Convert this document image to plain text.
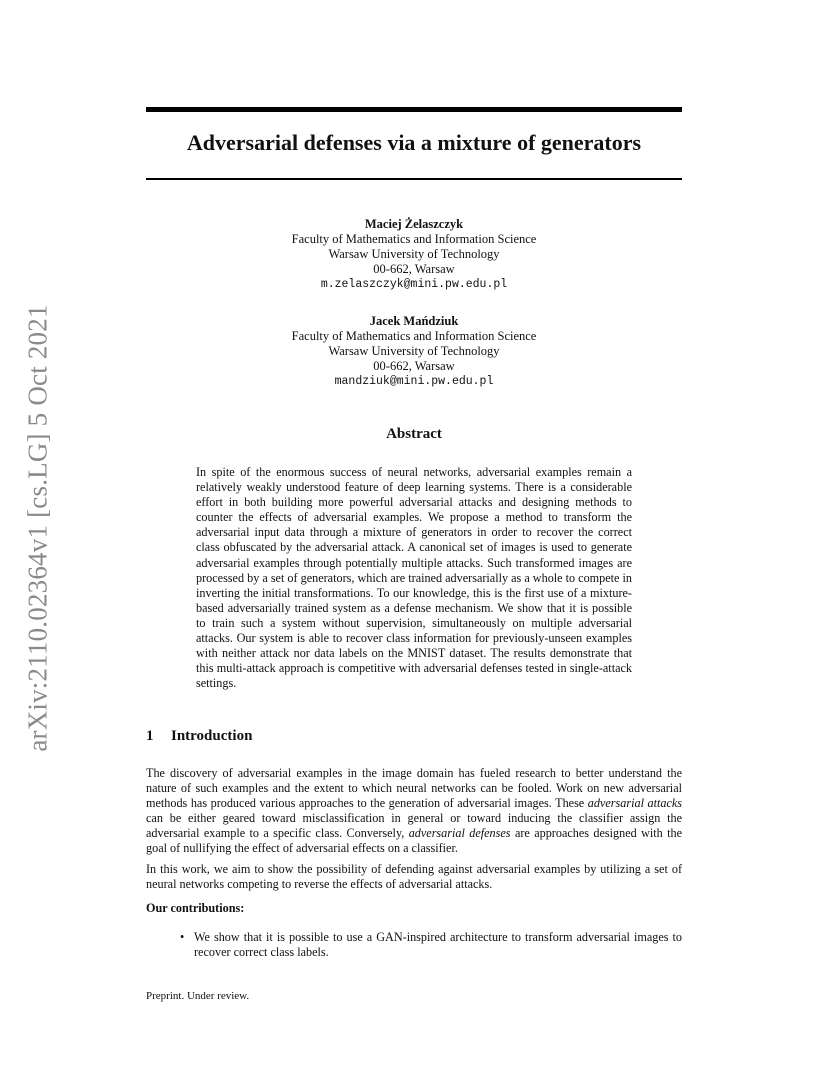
arXiv:2110.02364v1 [cs.LG] 5 Oct 2021
Adversarial defenses via a mixture of generators
Maciej Żelaszczyk
Faculty of Mathematics and Information Science
Warsaw University of Technology
00-662, Warsaw
m.zelaszczyk@mini.pw.edu.pl
Jacek Mańdziuk
Faculty of Mathematics and Information Science
Warsaw University of Technology
00-662, Warsaw
mandziuk@mini.pw.edu.pl
Abstract

In spite of the enormous success of neural networks, adversarial examples remain a relatively weakly understood feature of deep learning systems. There is a considerable effort in both building more powerful adversarial attacks and designing methods to counter the effects of adversarial examples. We propose a method to transform the adversarial input data through a mixture of generators in order to recover the correct class obfuscated by the adversarial attack. A canonical set of images is used to generate adversarial examples through potentially multiple attacks. Such transformed images are processed by a set of generators, which are trained adversarially as a whole to compete in inverting the initial transformations. To our knowledge, this is the first use of a mixture-based adversarially trained system as a defense mechanism. We show that it is possible to train such a system without supervision, simultaneously on multiple adversarial attacks. Our system is able to recover class information for previously-unseen examples with neither attack nor data labels on the MNIST dataset. The results demonstrate that this multi-attack approach is competitive with adversarial defenses tested in single-attack settings.

1 Introduction

The discovery of adversarial examples in the image domain has fueled research to better understand the nature of such examples and the extent to which neural networks can be fooled. Work on new adversarial methods has produced various approaches to the generation of adversarial images. These adversarial attacks can be either geared toward misclassification in general or toward inducing the classifier assign the adversarial example to a specific class. Conversely, adversarial defenses are approaches designed with the goal of nullifying the effect of adversarial effects on a classifier.

In this work, we aim to show the possibility of defending against adversarial examples by utilizing a set of neural networks competing to reverse the effects of adversarial attacks.

Our contributions:
• We show that it is possible to use a GAN-inspired architecture to transform adversarial images to recover correct class labels.

Preprint. Under review.
